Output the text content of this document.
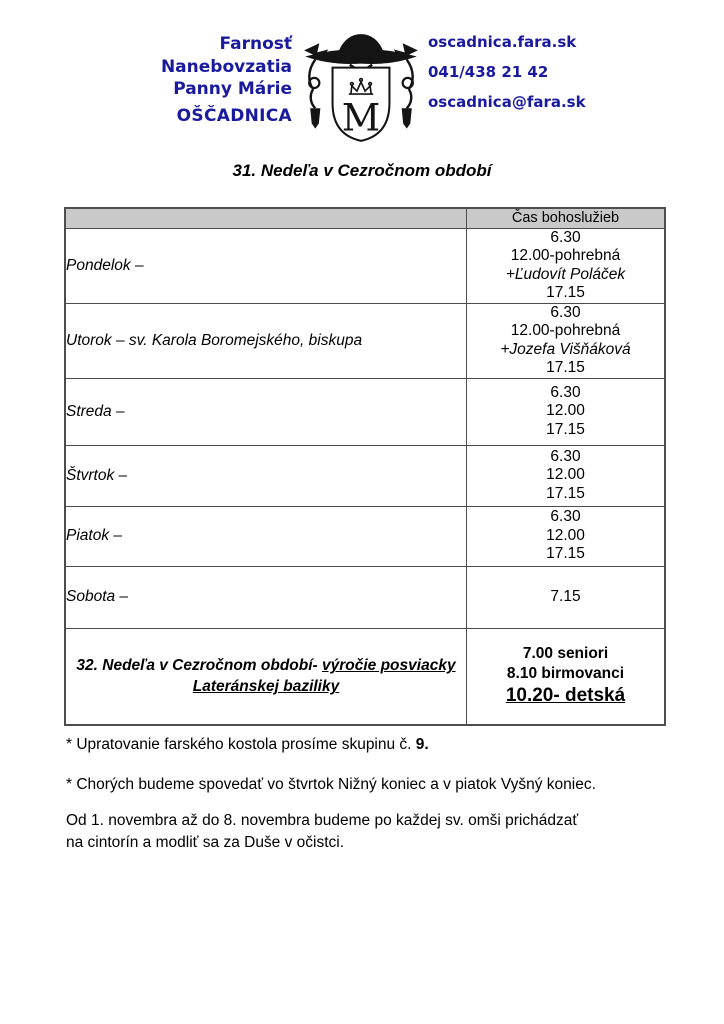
Farnosť
Nanebovzatia
Panny Márie
OŠČADNICA M
oscadnica.fara.sk
041/438 21 42
oscadnica@fara.sk
31. Nedeľa v Cezročnom období
	Čas bohoslužieb
Pondelok –	6.30
12.00-pohrebná
+Ľudovít Poláček
17.15

Utorok – sv. Karola Boromejského, biskupa	6.30
12.00-pohrebná
+Jozefa Višňáková
17.15

Streda –	6.30
12.00
17.15

Štvrtok –	6.30
12.00
17.15

Piatok –	6.30
12.00
17.15

Sobota –	7.15

32. Nedeľa v Cezročnom období- výročie posviacky Lateránskej baziliky	7.00 seniori
8.10 birmovanci
10.20- detská
* Upratovanie farského kostola prosíme skupinu č. 9.
* Chorých budeme spovedať vo štvrtok Nižný koniec a v piatok Vyšný koniec.
Od 1. novembra až do 8. novembra budeme po každej sv. omši prichádzať
na cintorín a modliť sa za Duše v očistci.
